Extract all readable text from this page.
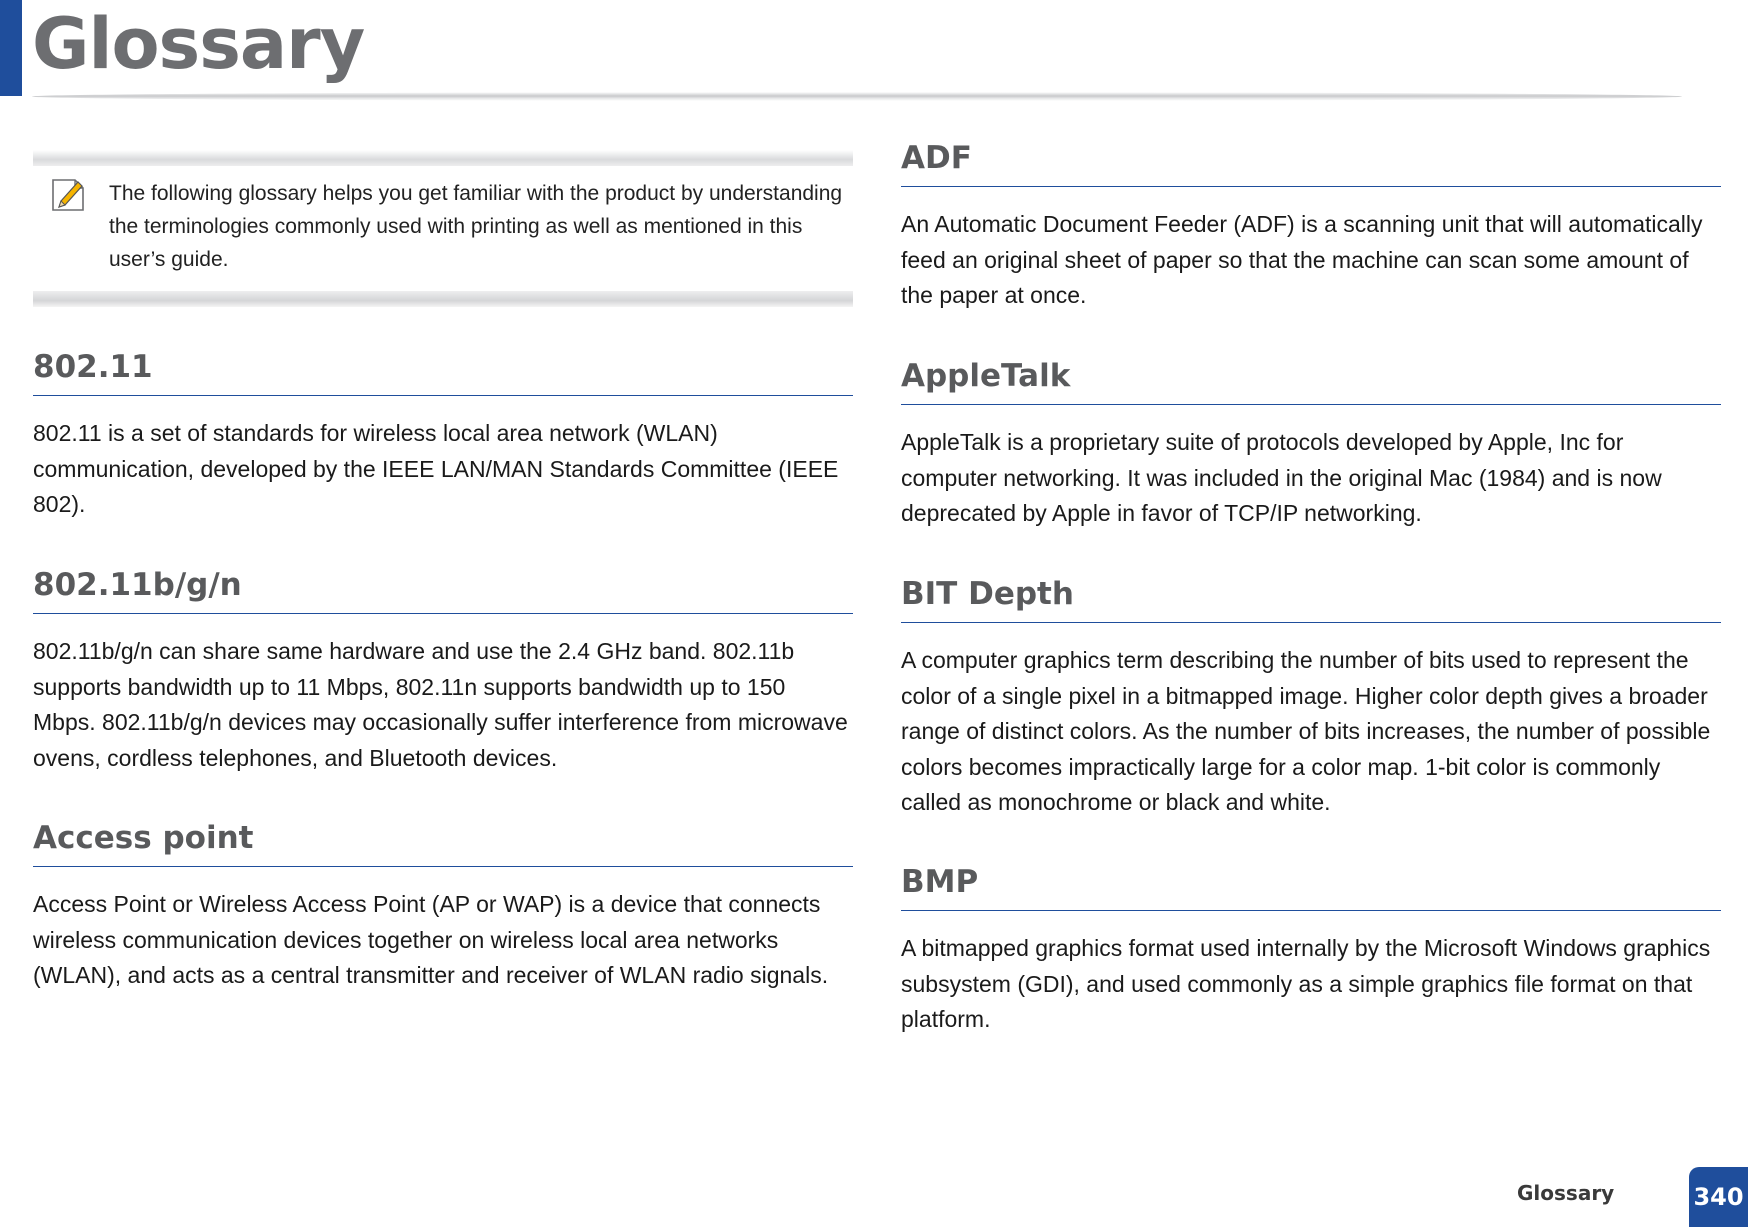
Glossary
The following glossary helps you get familiar with the product by understanding the terminologies commonly used with printing as well as mentioned in this user’s guide.
802.11

802.11 is a set of standards for wireless local area network (WLAN) communication, developed by the IEEE LAN/MAN Standards Committee (IEEE 802).

802.11b/g/n

802.11b/g/n can share same hardware and use the 2.4 GHz band. 802.11b supports bandwidth up to 11 Mbps, 802.11n supports bandwidth up to 150 Mbps. 802.11b/g/n devices may occasionally suffer interference from microwave ovens, cordless telephones, and Bluetooth devices.

Access point

Access Point or Wireless Access Point (AP or WAP) is a device that connects wireless communication devices together on wireless local area networks (WLAN), and acts as a central transmitter and receiver of WLAN radio signals.

ADF

An Automatic Document Feeder (ADF) is a scanning unit that will automatically feed an original sheet of paper so that the machine can scan some amount of the paper at once.

AppleTalk

AppleTalk is a proprietary suite of protocols developed by Apple, Inc for computer networking. It was included in the original Mac (1984) and is now deprecated by Apple in favor of TCP/IP networking.

BIT Depth

A computer graphics term describing the number of bits used to represent the color of a single pixel in a bitmapped image. Higher color depth gives a broader range of distinct colors. As the number of bits increases, the number of possible colors becomes impractically large for a color map. 1-bit color is commonly called as monochrome or black and white.

BMP

A bitmapped graphics format used internally by the Microsoft Windows graphics subsystem (GDI), and used commonly as a simple graphics file format on that platform.

Glossary	340
